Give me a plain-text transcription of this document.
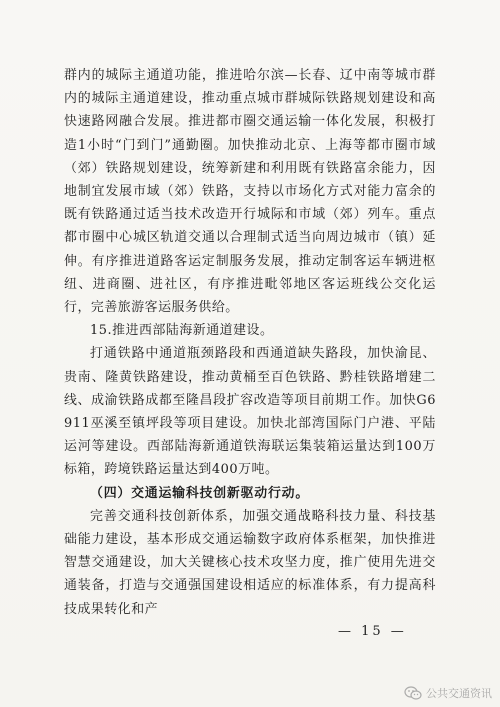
群内的城际主通道功能，推进哈尔滨—长春、辽中南等城市群内的城际主通道建设，推动重点城市群城际铁路规划建设和高快速路网融合发展。推进都市圈交通运输一体化发展，积极打造1小时“门到门”通勤圈。加快推动北京、上海等都市圈市域（郊）铁路规划建设，统筹新建和利用既有铁路富余能力，因地制宜发展市域（郊）铁路，支持以市场化方式对能力富余的既有铁路通过适当技术改造开行城际和市域（郊）列车。重点都市圈中心城区轨道交通以合理制式适当向周边城市（镇）延伸。有序推进道路客运定制服务发展，推动定制客运车辆进枢纽、进商圈、进社区，有序推进毗邻地区客运班线公交化运行，完善旅游客运服务供给。

15.推进西部陆海新通道建设。

打通铁路中通道瓶颈路段和西通道缺失路段，加快渝昆、贵南、隆黄铁路建设，推动黄桶至百色铁路、黔桂铁路增建二线、成渝铁路成都至隆昌段扩容改造等项目前期工作。加快G6911巫溪至镇坪段等项目建设。加快北部湾国际门户港、平陆运河等建设。西部陆海新通道铁海联运集装箱运量达到100万标箱，跨境铁路运量达到400万吨。

（四）交通运输科技创新驱动行动。

完善交通科技创新体系，加强交通战略科技力量、科技基础能力建设，基本形成交通运输数字政府体系框架，加快推进智慧交通建设，加大关键核心技术攻坚力度，推广使用先进交通装备，打造与交通强国建设相适应的标准体系，有力提高科技成果转化和产

— 15 —
公共交通资讯
